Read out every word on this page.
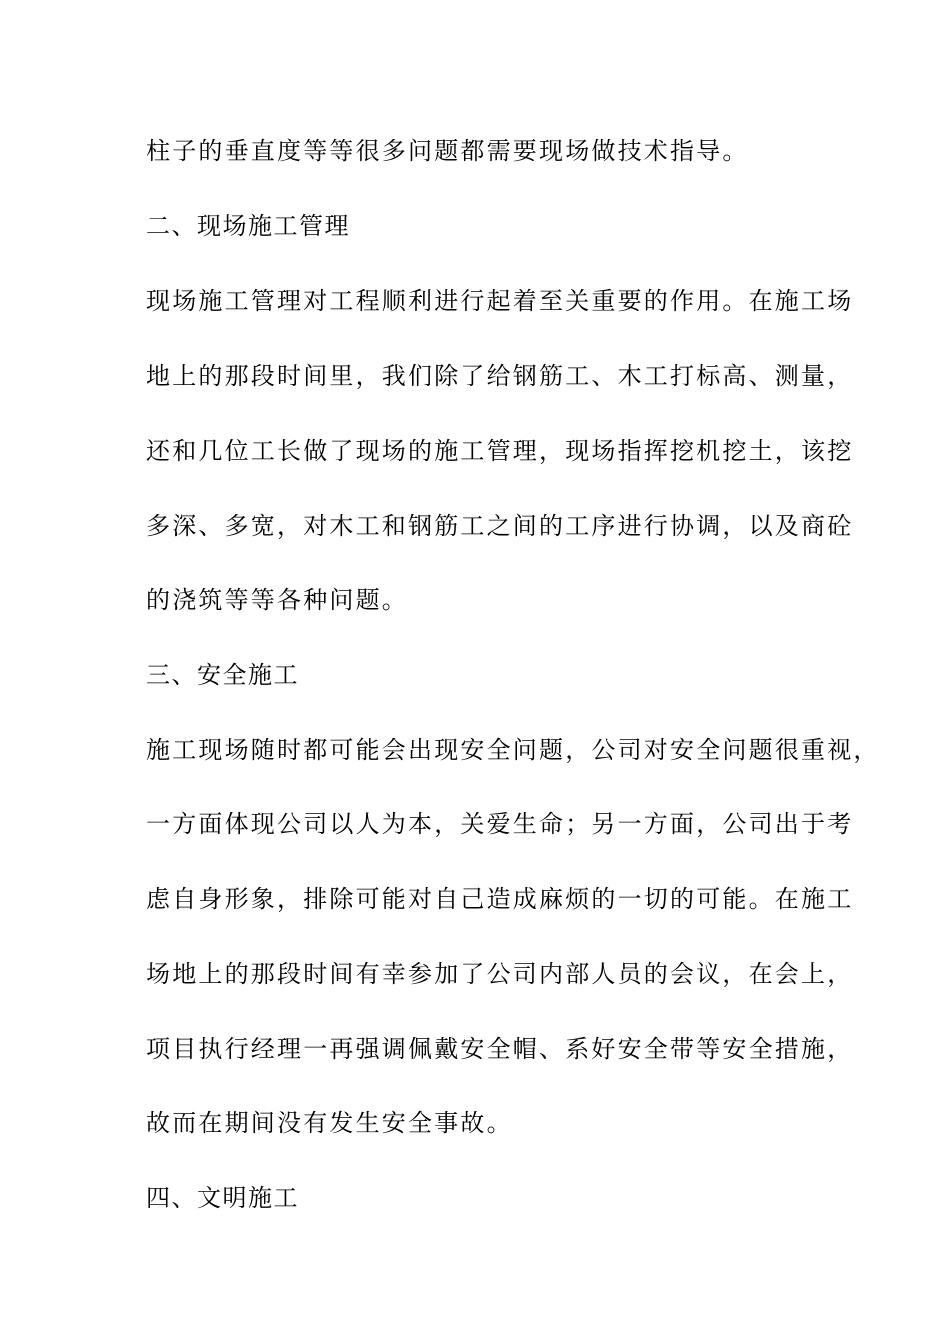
柱子的垂直度等等很多问题都需要现场做技术指导。
二、现场施工管理
现场施工管理对工程顺利进行起着至关重要的作用。在施工场
地上的那段时间里，我们除了给钢筋工、木工打标高、测量，
还和几位工长做了现场的施工管理，现场指挥挖机挖土，该挖
多深、多宽，对木工和钢筋工之间的工序进行协调，以及商砼
的浇筑等等各种问题。
三、安全施工
施工现场随时都可能会出现安全问题，公司对安全问题很重视，
一方面体现公司以人为本，关爱生命；另一方面，公司出于考
虑自身形象，排除可能对自己造成麻烦的一切的可能。在施工
场地上的那段时间有幸参加了公司内部人员的会议，在会上，
项目执行经理一再强调佩戴安全帽、系好安全带等安全措施，
故而在期间没有发生安全事故。
四、文明施工
